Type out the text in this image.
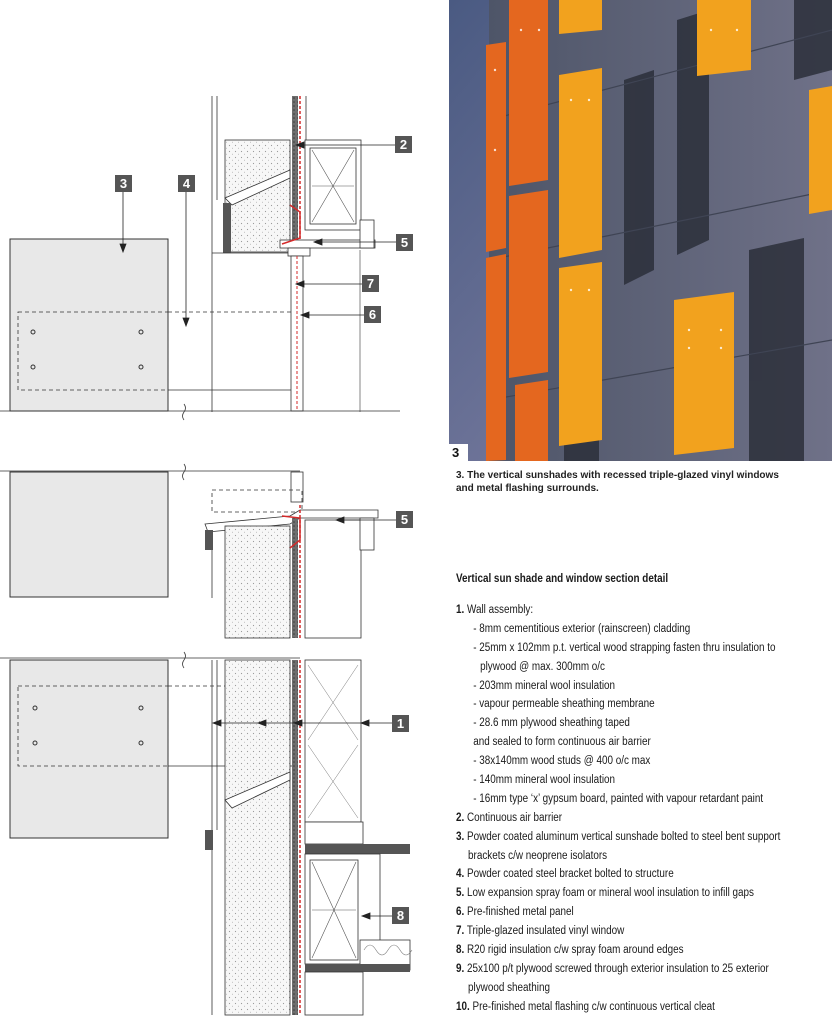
1
2
3	4
5
5
6
7
8
3
3. The vertical sunshades with recessed triple-glazed vinyl windows and metal flashing surrounds.
Vertical sun shade and window section detail
1. Wall assembly:
- 8mm cementitious exterior (rainscreen) cladding
- 25mm x 102mm p.t. vertical wood strapping fasten thru insulation to
plywood @ max. 300mm o/c
- 203mm mineral wool insulation
- vapour permeable sheathing membrane
- 28.6 mm plywood sheathing taped
and sealed to form continuous air barrier
- 38x140mm wood studs @ 400 o/c max
- 140mm mineral wool insulation
- 16mm type ‘x’ gypsum board, painted with vapour retardant paint
2. Continuous air barrier
3. Powder coated aluminum vertical sunshade bolted to steel bent support
brackets c/w neoprene isolators
4. Powder coated steel bracket bolted to structure
5. Low expansion spray foam or mineral wool insulation to infill gaps
6. Pre-finished metal panel
7. Triple-glazed insulated vinyl window
8. R20 rigid insulation c/w spray foam around edges
9. 25x100 p/t plywood screwed through exterior insulation to 25 exterior
plywood sheathing
10. Pre-finished metal flashing c/w continuous vertical cleat
